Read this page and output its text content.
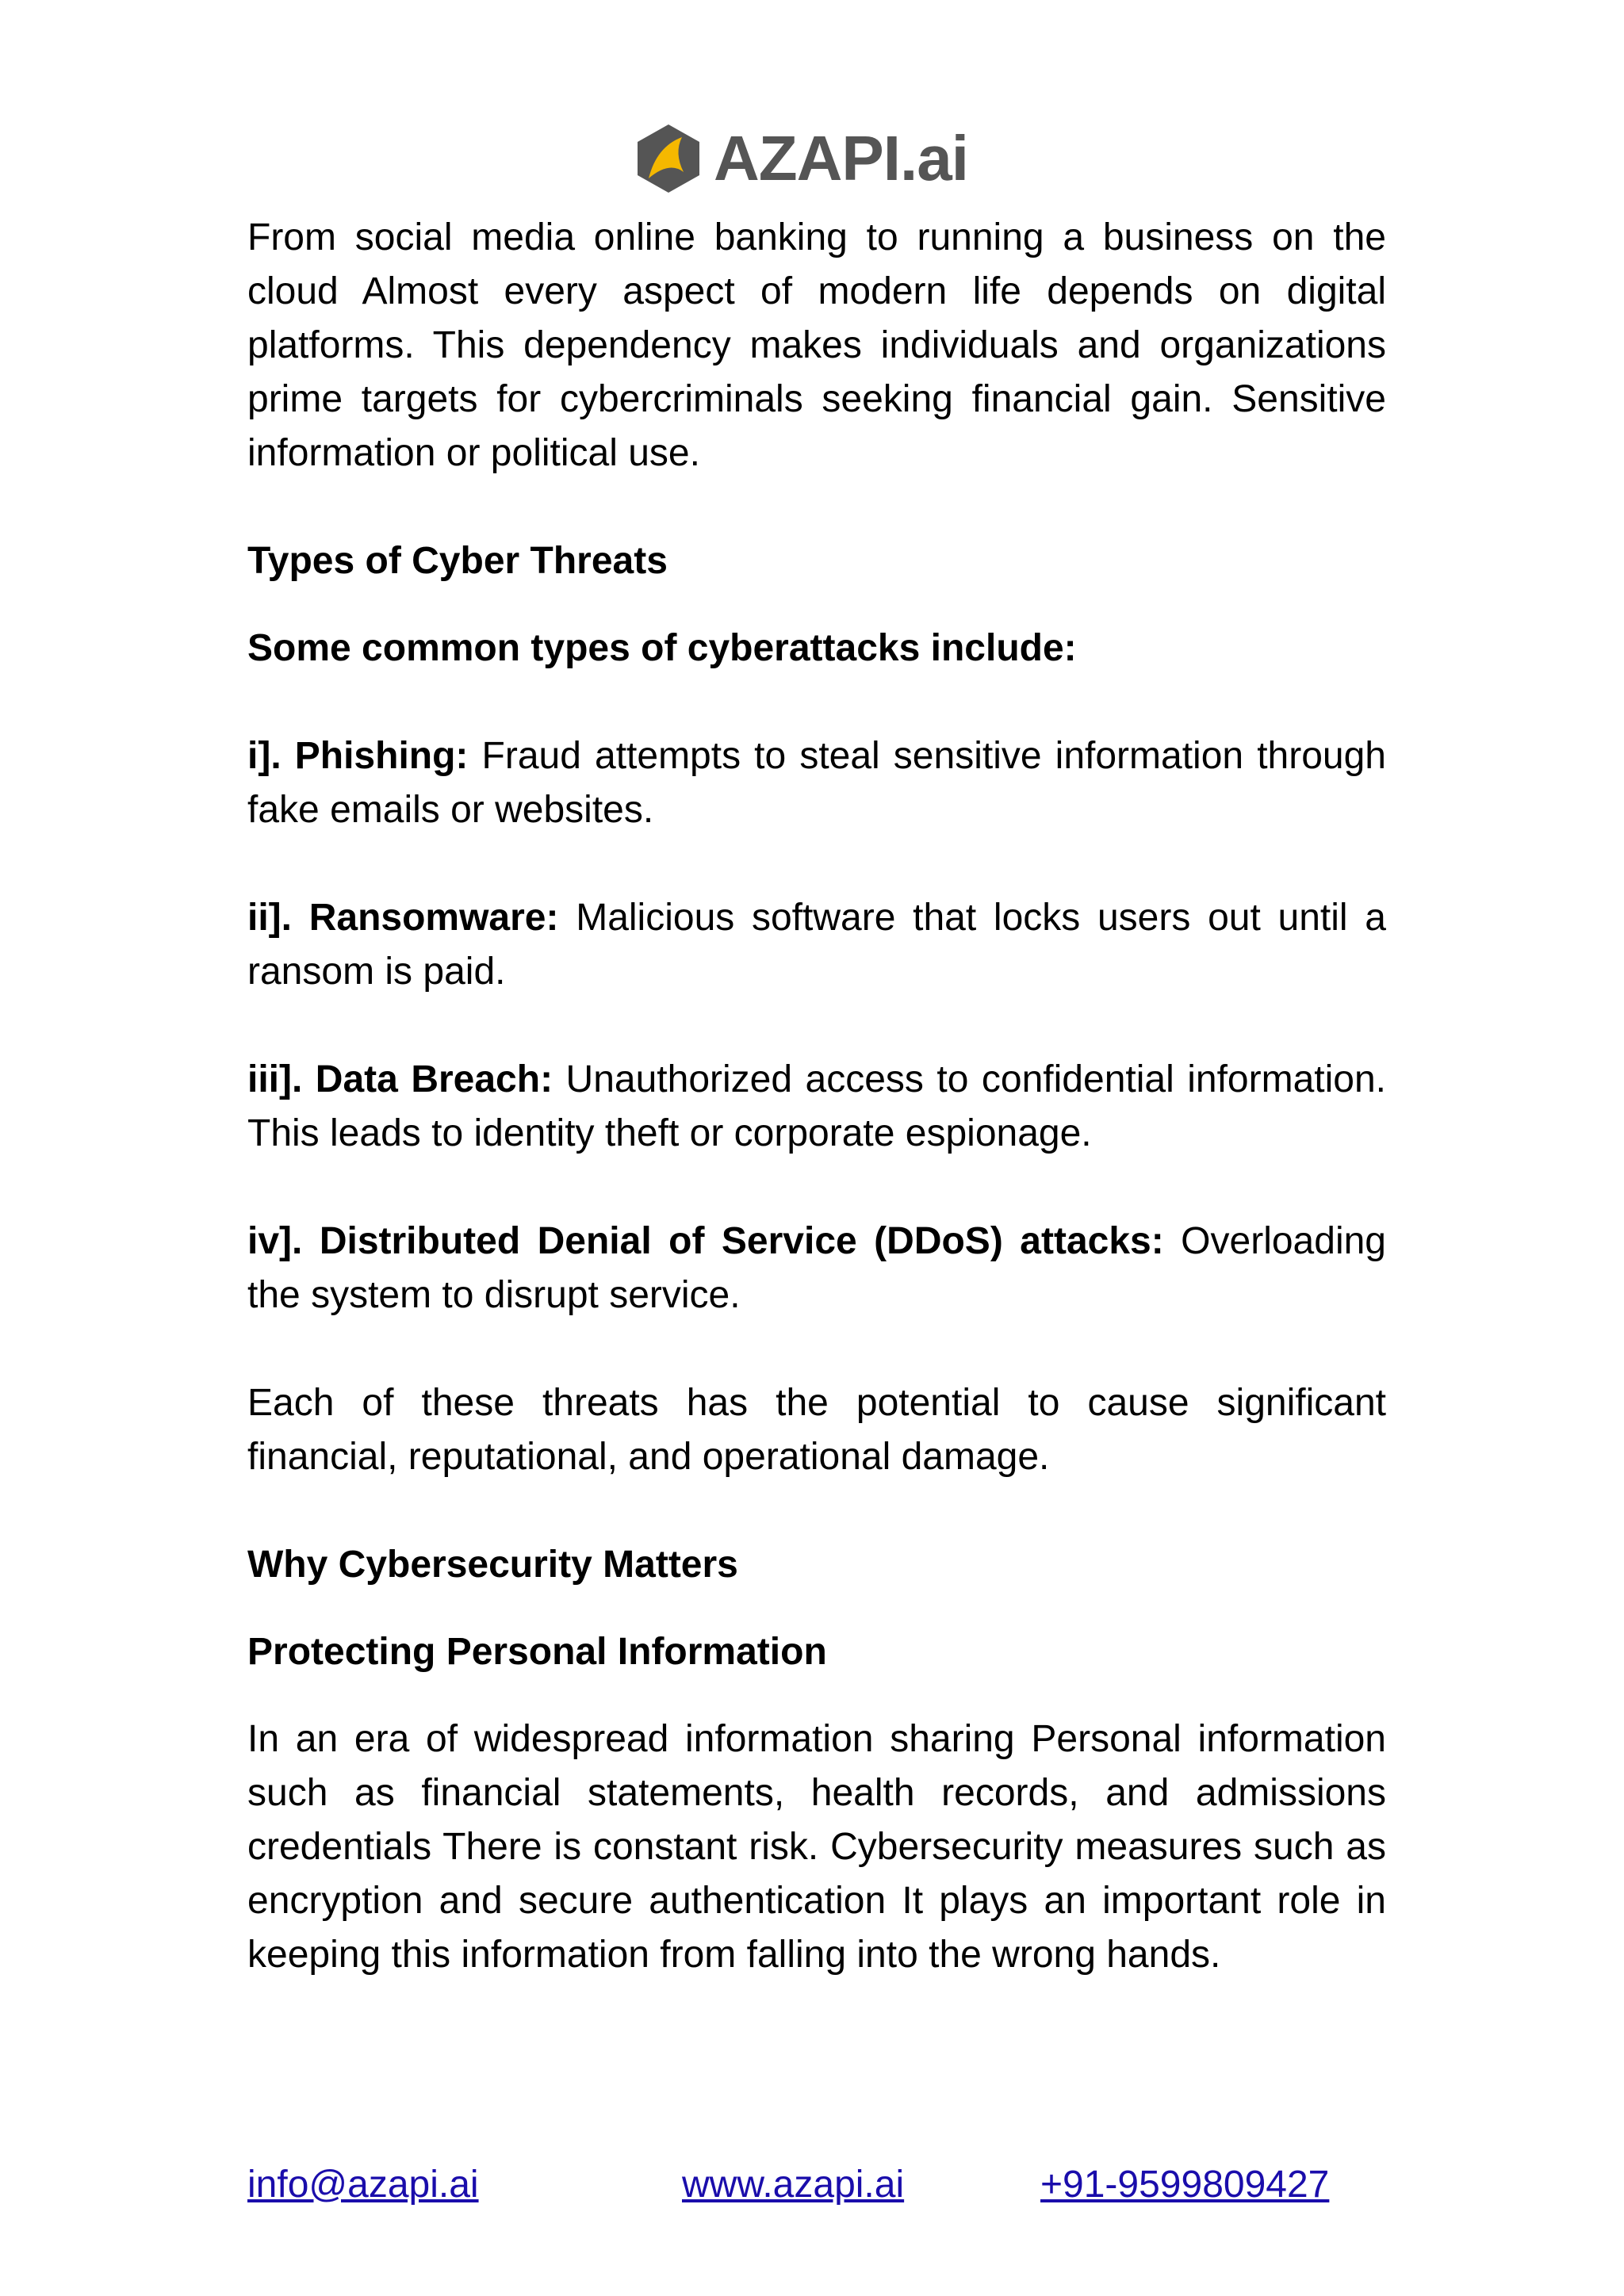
AZAPI.ai

From social media online banking to running a business on the cloud Almost every aspect of modern life depends on digital platforms. This dependency makes individuals and organizations prime targets for cybercriminals seeking financial gain. Sensitive information or political use.

Types of Cyber Threats

Some common types of cyberattacks include:

i]. Phishing: Fraud attempts to steal sensitive information through fake emails or websites.

ii]. Ransomware: Malicious software that locks users out until a ransom is paid.

iii]. Data Breach: Unauthorized access to confidential information. This leads to identity theft or corporate espionage.

iv]. Distributed Denial of Service (DDoS) attacks: Overloading the system to disrupt service.

Each of these threats has the potential to cause significant financial, reputational, and operational damage.

Why Cybersecurity Matters

Protecting Personal Information

In an era of widespread information sharing Personal information such as financial statements, health records, and admissions credentials There is constant risk. Cybersecurity measures such as encryption and secure authentication It plays an important role in keeping this information from falling into the wrong hands.

info@azapi.ai	www.azapi.ai	+91-9599809427
